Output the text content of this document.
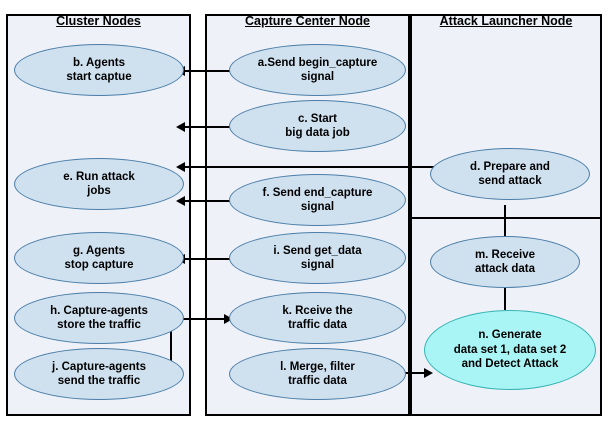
Cluster Nodes	Capture Center Node	Attack Launcher Node
b. Agents
start captue
e. Run attack
jobs
g. Agents
stop capture
h. Capture-agents
store the traffic
j. Capture-agents
send the traffic
a.Send begin_capture
signal
c. Start
big data job
f. Send end_capture
signal
i. Send get_data
signal
k. Rceive the
traffic data
l. Merge, filter
traffic data
d. Prepare and
send attack
m. Receive
attack data
n. Generate
data set 1, data set 2
and Detect Attack
